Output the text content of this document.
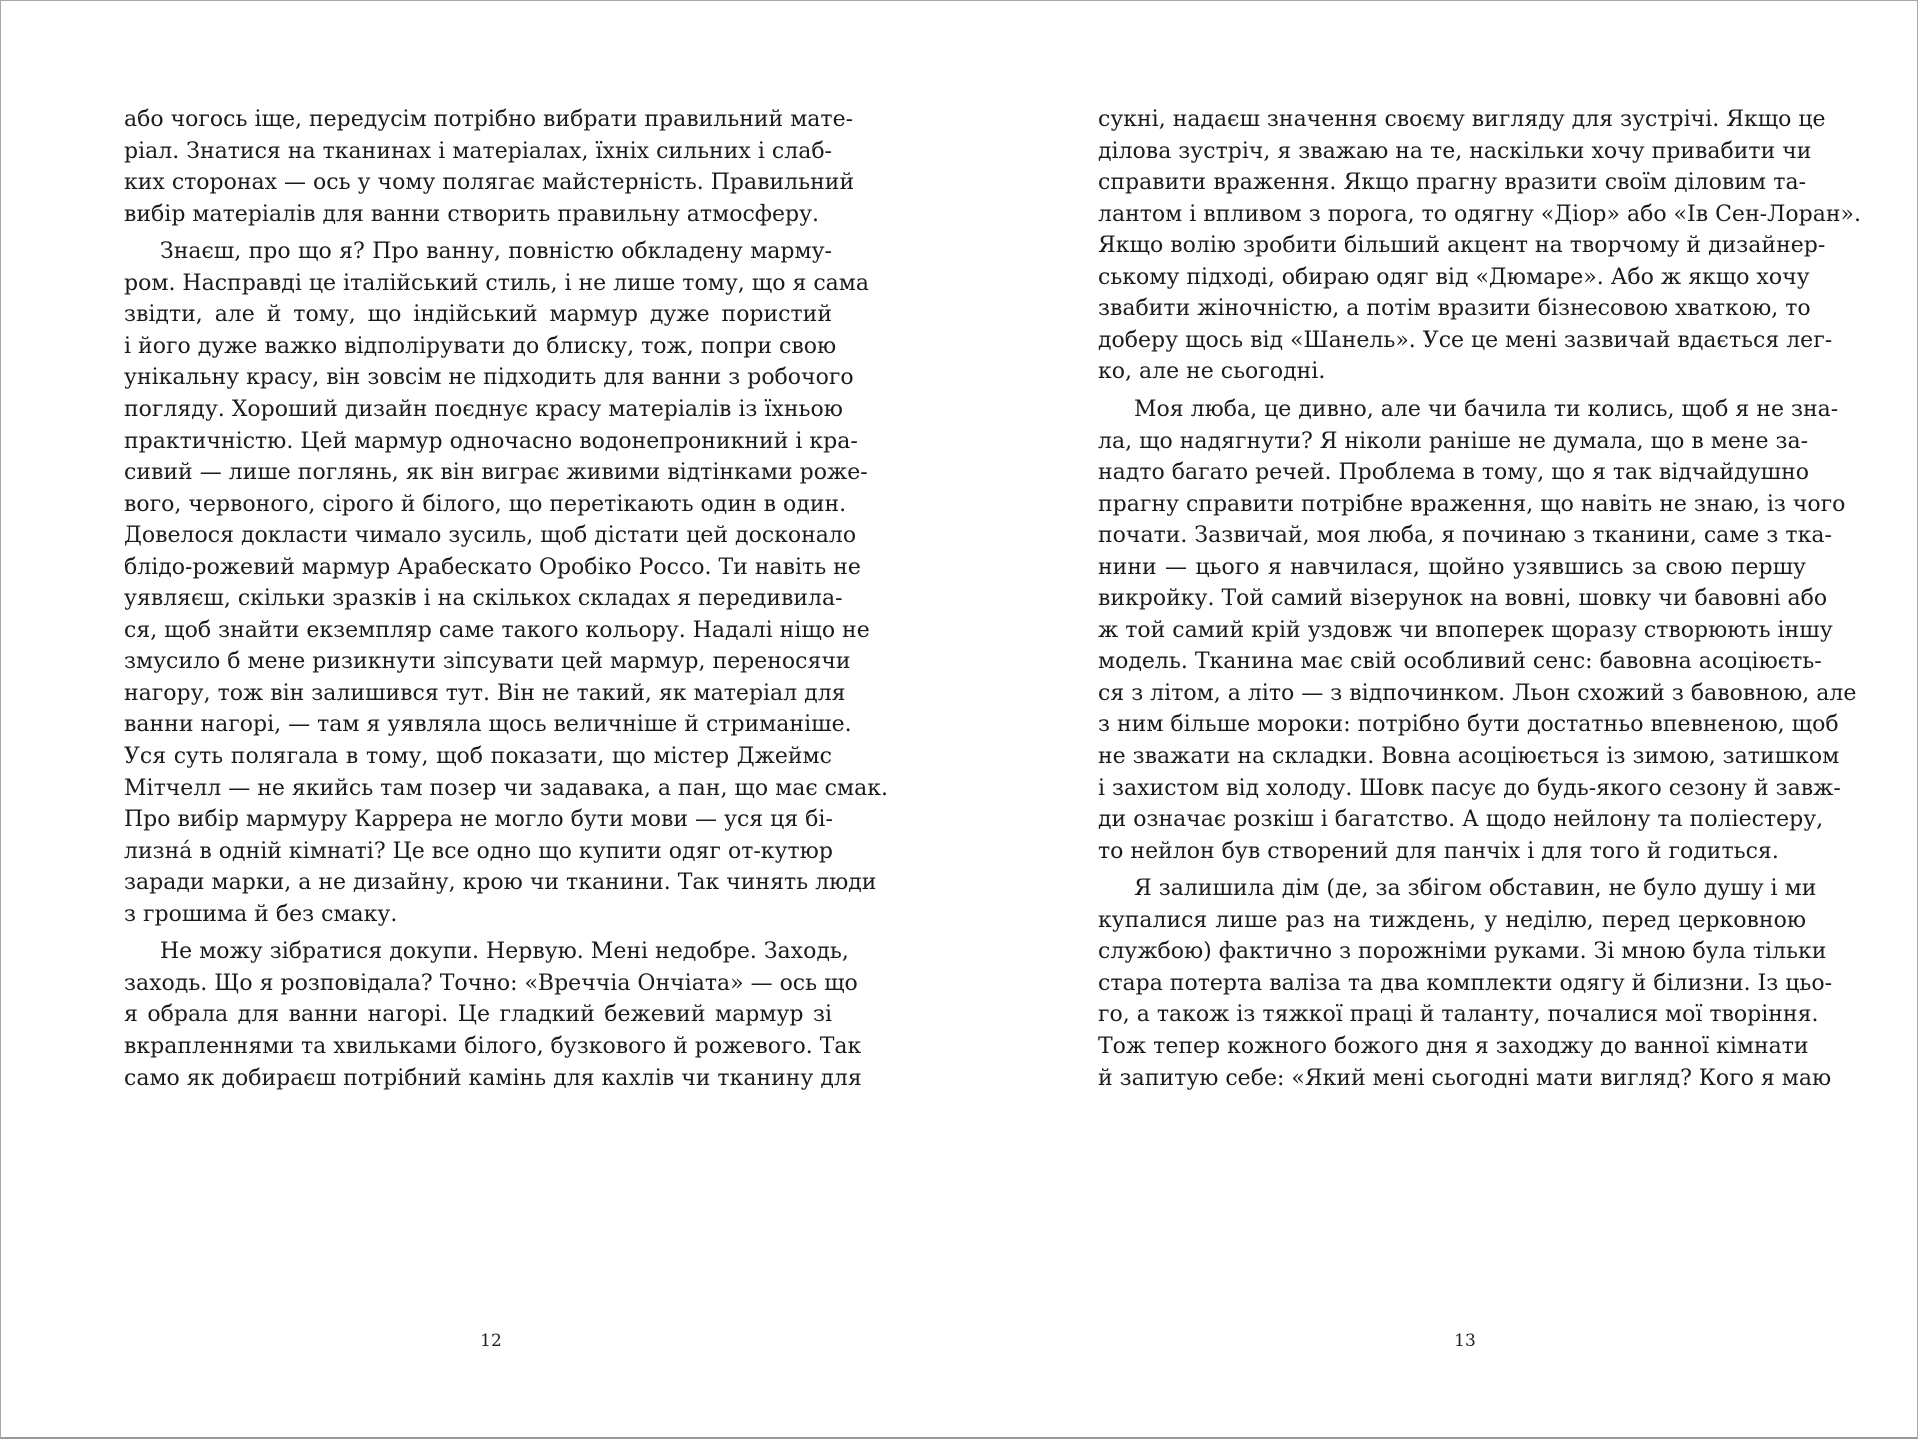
або чогось іще, передусім потрібно вибрати правильний мате-
ріал. Знатися на тканинах і матеріалах, їхніх сильних і слаб-
ких сторонах — ось у чому полягає майстерність. Правильний
вибір матеріалів для ванни створить правильну атмосферу.
Знаєш, про що я? Про ванну, повністю обкладену марму-
ром. Насправді це італійський стиль, і не лише тому, що я сама
звідти, але й тому, що індійський мармур дуже пористий
і його дуже важко відполірувати до блиску, тож, попри свою
унікальну красу, він зовсім не підходить для ванни з робочого
погляду. Хороший дизайн поєднує красу матеріалів із їхньою
практичністю. Цей мармур одночасно водонепроникний і кра-
сивий — лише поглянь, як він виграє живими відтінками роже-
вого, червоного, сірого й білого, що перетікають один в один.
Довелося докласти чимало зусиль, щоб дістати цей досконало
блідо-рожевий мармур Арабескато Оробіко Россо. Ти навіть не
уявляєш, скільки зразків і на скількох складах я передивила-
ся, щоб знайти екземпляр саме такого кольору. Надалі ніщо не
змусило б мене ризикнути зіпсувати цей мармур, переносячи
нагору, тож він залишився тут. Він не такий, як матеріал для
ванни нагорі, — там я уявляла щось величніше й стриманіше.
Уся суть полягала в тому, щоб показати, що містер Джеймс
Мітчелл — не якийсь там позер чи задавака, а пан, що має смак.
Про вибір мармуру Каррера не могло бути мови — уся ця бі-
лизна́ в одній кімнаті? Це все одно що купити одяг от-кутюр
заради марки, а не дизайну, крою чи тканини. Так чинять люди
з грошима й без смаку.
Не можу зібратися докупи. Нервую. Мені недобре. Заходь,
заходь. Що я розповідала? Точно: «Вреччіа Ончіата» — ось що
я обрала для ванни нагорі. Це гладкий бежевий мармур зі
вкрапленнями та хвильками білого, бузкового й рожевого. Так
само як добираєш потрібний камінь для кахлів чи тканину для
сукні, надаєш значення своєму вигляду для зустрічі. Якщо це
ділова зустріч, я зважаю на те, наскільки хочу привабити чи
справити враження. Якщо прагну вразити своїм діловим та-
лантом і впливом з порога, то одягну «Діор» або «Ів Сен-Лоран».
Якщо волію зробити більший акцент на творчому й дизайнер-
ському підході, обираю одяг від «Дюмаре». Або ж якщо хочу
звабити жіночністю, а потім вразити бізнесовою хваткою, то
доберу щось від «Шанель». Усе це мені зазвичай вдається лег-
ко, але не сьогодні.
Моя люба, це дивно, але чи бачила ти колись, щоб я не зна-
ла, що надягнути? Я ніколи раніше не думала, що в мене за-
надто багато речей. Проблема в тому, що я так відчайдушно
прагну справити потрібне враження, що навіть не знаю, із чого
почати. Зазвичай, моя люба, я починаю з тканини, саме з тка-
нини — цього я навчилася, щойно узявшись за свою першу
викройку. Той самий візерунок на вовні, шовку чи бавовні або
ж той самий крій уздовж чи впоперек щоразу створюють іншу
модель. Тканина має свій особливий сенс: бавовна асоціюєть-
ся з літом, а літо — з відпочинком. Льон схожий з бавовною, але
з ним більше мороки: потрібно бути достатньо впевненою, щоб
не зважати на складки. Вовна асоціюється із зимою, затишком
і захистом від холоду. Шовк пасує до будь-якого сезону й завж-
ди означає розкіш і багатство. А щодо нейлону та поліестеру,
то нейлон був створений для панчіх і для того й годиться.
Я залишила дім (де, за збігом обставин, не було душу і ми
купалися лише раз на тиждень, у неділю, перед церковною
службою) фактично з порожніми руками. Зі мною була тільки
стара потерта валіза та два комплекти одягу й білизни. Із цьо-
го, а також із тяжкої праці й таланту, почалися мої творіння.
Тож тепер кожного божого дня я заходжу до ванної кімнати
й запитую себе: «Який мені сьогодні мати вигляд? Кого я маю
12	13
